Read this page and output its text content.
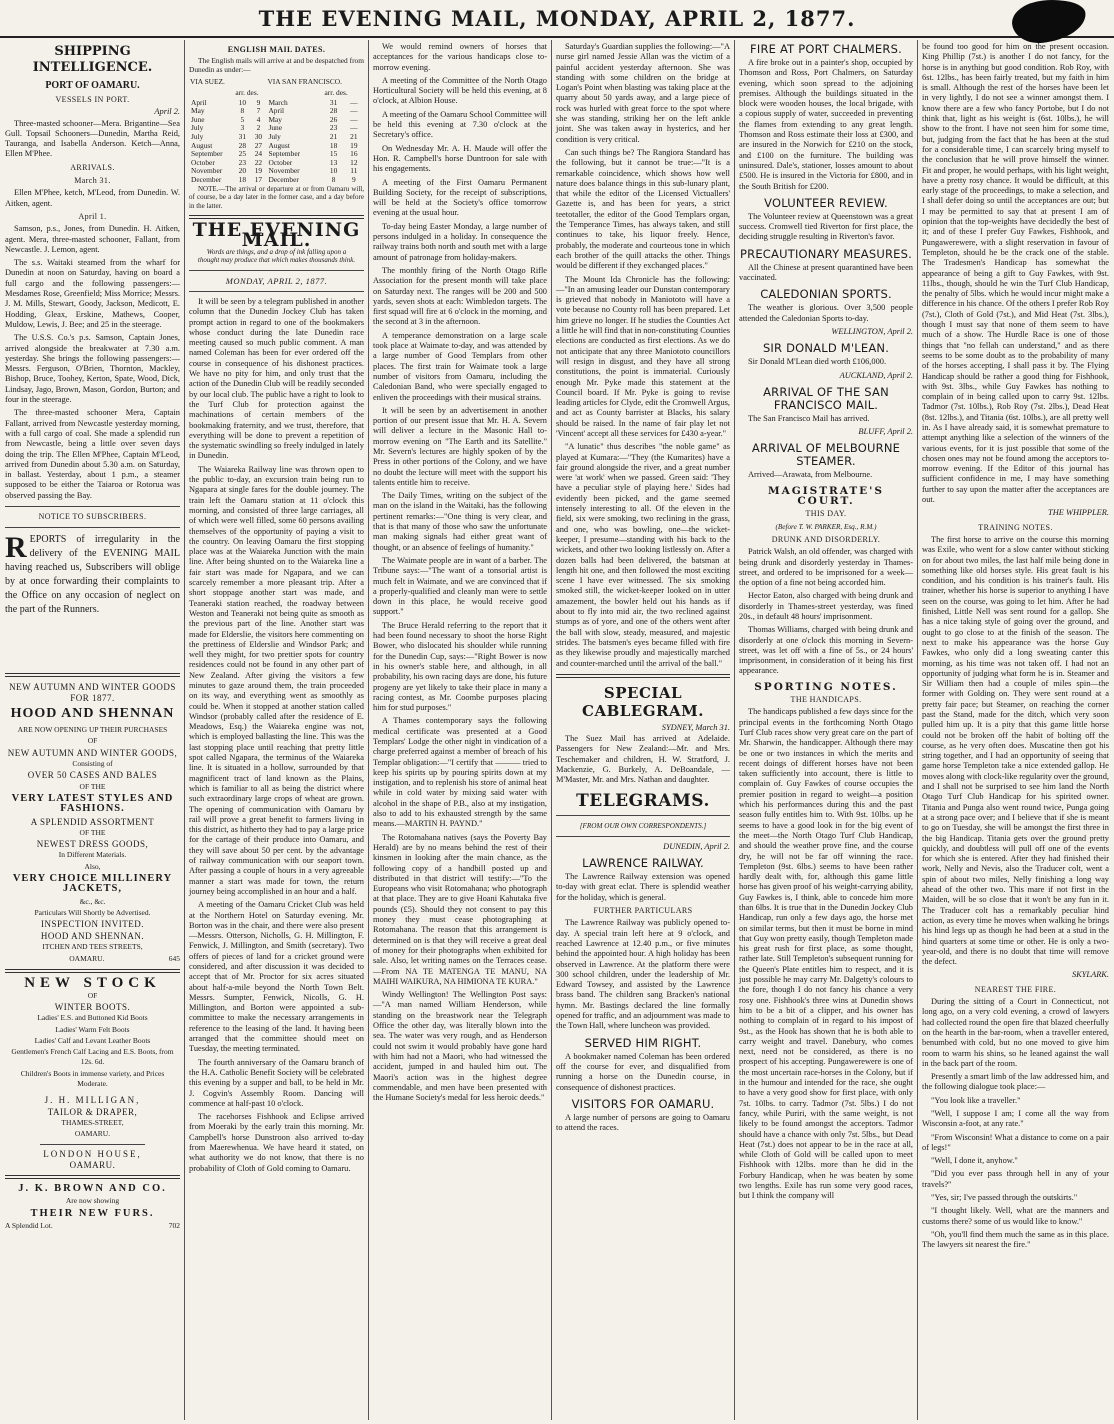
THE EVENING MAIL, MONDAY, APRIL 2, 1877.
SHIPPING INTELLIGENCE.
PORT OF OAMARU.
VESSELS IN PORT.
April 2.

Three-masted schooner—Mera. Brigantine—Sea Gull. Topsail Schooners—Dunedin, Martha Reid, Tauranga, and Isabella Anderson. Ketch—Anna, Ellen M'Phee.

ARRIVALS.
March 31.

Ellen M'Phee, ketch, M'Leod, from Dunedin. W. Aitken, agent.

April 1.

Samson, p.s., Jones, from Dunedin. H. Aitken, agent. Mera, three-masted schooner, Fallant, from Newcastle. J. Lemon, agent.

The s.s. Waitaki steamed from the wharf for Dunedin at noon on Saturday, having on board a full cargo and the following passengers:—Mesdames Rose, Greenfield; Miss Morrice; Messrs. J. M. Mills, Stewart, Goody, Jackson, Medicott, E. Hodding, Gleax, Erskine, Mathews, Cooper, Muldow, Lewis, J. Bee; and 25 in the steerage.

The U.S.S. Co.'s p.s. Samson, Captain Jones, arrived alongside the breakwater at 7.30 a.m. yesterday. She brings the following passengers:—Messrs. Ferguson, O'Brien, Thornton, Mackley, Bishop, Bruce, Toohey, Kerton, Spate, Wood, Dick, Lindsay, Jago, Brown, Mason, Gordon, Burton; and four in the steerage.

The three-masted schooner Mera, Captain Fallant, arrived from Newcastle yesterday morning, with a full cargo of coal. She made a splendid run from Newcastle, being a little over seven days doing the trip. The Ellen M'Phee, Captain M'Leod, arrived from Dunedin about 5.30 a.m. on Saturday, in ballast. Yesterday, about 1 p.m., a steamer supposed to be either the Taiaroa or Rotorua was observed passing the Bay.

NOTICE TO SUBSCRIBERS.

REPORTS of irregularity in the delivery of the EVENING MAIL having reached us, Subscribers will oblige by at once forwarding their complaints to the Office on any occasion of neglect on the part of the Runners.

NEW AUTUMN AND WINTER GOODS FOR 1877.
HOOD AND SHENNAN
ARE NOW OPENING UP THEIR PURCHASES
OF
NEW AUTUMN AND WINTER GOODS,
Consisting of
OVER 50 CASES AND BALES
OF THE
VERY LATEST STYLES AND FASHIONS.
A SPLENDID ASSORTMENT
OF THE
NEWEST DRESS GOODS,
In Different Materials.
Also,
VERY CHOICE MILLINERY JACKETS,
&c., &c.
Particulars Will Shortly be Advertised.
INSPECTION INVITED.
HOOD AND SHENNAN.
ITCHEN AND TEES STREETS,
OAMARU.	645
NEW STOCK
OF
WINTER BOOTS.
Ladies' E.S. and Buttoned Kid Boots
Ladies' Warm Felt Boots
Ladies' Calf and Levant Leather Boots
Gentlemen's French Calf Lacing and E.S. Boots, from 12s. 6d.
Children's Boots in immense variety, and Prices Moderate.
J. H. MILLIGAN,
TAILOR & DRAPER,
THAMES-STREET,
OAMARU.
LONDON HOUSE,
OAMARU.
J. K. BROWN AND CO.
Are now showing
THEIR NEW FURS.
A Splendid Lot.	702
ENGLISH MAIL DATES.

The English mails will arrive at and be despatched from Dunedin as under:—

VIA SUEZ.			VIA SAN FRANCISCO.		
	arr. des.			arr. des.	
April	10	9	March	31	—
May	8	7	April	28	—
June	5	4	May	26	—
July	3	2	June	23	—
July	31	30	July	21	21
August	28	27	August	18	19
September	25	24	September	15	16
October	23	22	October	13	12
November	20	19	November	10	11
December	18	17	December	8	9

NOTE.—The arrival or departure at or from Oamaru will, of course, be a day later in the former case, and a day before in the latter.

THE EVENING MAIL.
Words are things, and a drop of ink falling upon a thought may produce that which makes thousands think.
MONDAY, APRIL 2, 1877.

It will be seen by a telegram published in another column that the Dunedin Jockey Club has taken prompt action in regard to one of the bookmakers whose conduct during the late Dunedin race meeting caused so much public comment. A man named Coleman has been for ever ordered off the course in consequence of his dishonest practices. We have no pity for him, and only trust that the action of the Dunedin Club will be readily seconded by our local club. The public have a right to look to the Turf Club for protection against the machinations of certain members of the bookmaking fraternity, and we trust, therefore, that everything will be done to prevent a repetition of the systematic swindling so freely indulged in lately in Dunedin.

The Waiareka Railway line was thrown open to the public to-day, an excursion train being run to Ngapara at single fares for the double journey. The train left the Oamaru station at 11 o'clock this morning, and consisted of three large carriages, all of which were well filled, some 60 persons availing themselves of the opportunity of paying a visit to the country. On leaving Oamaru the first stopping place was at the Waiareka Junction with the main line. After being shunted on to the Waiareka line a fair start was made for Ngapara, and we can scarcely remember a more pleasant trip. After a short stoppage another start was made, and Teaneraki station reached, the roadway between Weston and Teaneraki not being quite as smooth as the previous part of the line. Another start was made for Elderslie, the visitors here commenting on the prettiness of Elderslie and Windsor Park; and well they might, for two prettier spots for country residences could not be found in any other part of New Zealand. After giving the visitors a few minutes to gaze around them, the train proceeded on its way, and everything went as smoothly as could be. When it stopped at another station called Windsor (probably called after the residence of E. Meadows, Esq.) the Waiareka engine was not, which is employed ballasting the line. This was the last stopping place until reaching that pretty little spot called Ngapara, the terminus of the Waiareka line. It is situated in a hollow, surrounded by that magnificent tract of land known as the Plains, which is familiar to all as being the district where such extraordinary large crops of wheat are grown. The opening of communication with Oamaru by rail will prove a great benefit to farmers living in this district, as hitherto they had to pay a large price for the cartage of their produce into Oamaru, and they will save about 50 per cent. by the advantage of railway communication with our seaport town. After passing a couple of hours in a very agreeable manner a start was made for town, the return journey being accomplished in an hour and a half.

A meeting of the Oamaru Cricket Club was held at the Northern Hotel on Saturday evening. Mr. Borton was in the chair, and there were also present—Messrs. Otterson, Nicholls, G. H. Millington, F. Fenwick, J. Millington, and Smith (secretary). Two offers of pieces of land for a cricket ground were considered, and after discussion it was decided to accept that of Mr. Proctor for six acres situated about half-a-mile beyond the North Town Belt. Messrs. Sumpter, Fenwick, Nicolls, G. H. Millington, and Borton were appointed a sub-committee to make the necessary arrangements in reference to the leasing of the land. It having been arranged that the committee should meet on Tuesday, the meeting terminated.

The fourth anniversary of the Oamaru branch of the H.A. Catholic Benefit Society will be celebrated this evening by a supper and ball, to be held in Mr. J. Cogvin's Assembly Room. Dancing will commence at half-past 10 o'clock.

The racehorses Fishhook and Eclipse arrived from Moeraki by the early train this morning. Mr. Campbell's horse Dunstroon also arrived to-day from Maerewhenua. We have heard it stated, on what authority we do not know, that there is no probability of Cloth of Gold coming to Oamaru.

We would remind owners of horses that acceptances for the various handicaps close to-morrow evening.

A meeting of the Committee of the North Otago Horticultural Society will be held this evening, at 8 o'clock, at Albion House.

A meeting of the Oamaru School Committee will be held this evening at 7.30 o'clock at the Secretary's office.

On Wednesday Mr. A. H. Maude will offer the Hon. R. Campbell's horse Duntroon for sale with his engagements.

A meeting of the First Oamaru Permanent Building Society, for the receipt of subscriptions, will be held at the Society's office tomorrow evening at the usual hour.

To-day being Easter Monday, a large number of persons indulged in a holiday. In consequence the railway trains both north and south met with a large amount of patronage from holiday-makers.

The monthly firing of the North Otago Rifle Association for the present month will take place on Saturday next. The ranges will be 200 and 500 yards, seven shots at each: Wimbledon targets. The first squad will fire at 6 o'clock in the morning, and the second at 3 in the afternoon.

A temperance demonstration on a large scale took place at Waimate to-day, and was attended by a large number of Good Templars from other places. The first train for Waimate took a large number of visitors from Oamaru, including the Caledonian Band, who were specially engaged to enliven the proceedings with their musical strains.

It will be seen by an advertisement in another portion of our present issue that Mr. H. A. Severn will deliver a lecture in the Masonic Hall to-morrow evening on "The Earth and its Satellite." Mr. Severn's lectures are highly spoken of by the Press in other portions of the Colony, and we have no doubt the lecture will meet with the support his talents entitle him to receive.

The Daily Times, writing on the subject of the man on the island in the Waitaki, has the following pertinent remarks:—"One thing is very clear, and that is that many of those who saw the unfortunate man making signals had either great want of thought, or an absence of feelings of humanity."

The Waimate people are in want of a barber. The Tribune says:—"The want of a tonsorial artist is much felt in Waimate, and we are convinced that if a properly-qualified and cleanly man were to settle down in this place, he would receive good support."

The Bruce Herald referring to the report that it had been found necessary to shoot the horse Right Bower, who dislocated his shoulder while running for the Dunedin Cup, says:—"Right Bower is now in his owner's stable here, and although, in all probability, his own racing days are done, his future progeny are yet likely to take their place in many a racing contest, as Mr. Coombe purposes placing him for stud purposes."

A Thames contemporary says the following medical certificate was presented at a Good Templars' Lodge the other night in vindication of a charge preferred against a member of breach of his Templar obligation:—"I certify that ——— tried to keep his spirits up by pouring spirits down at my instigation, and to replenish his store of animal heat while in cold water by mixing said water with alcohol in the shape of P.B., also at my instigation, also to add to his exhausted strength by the same means.—MARTIN H. PAYND."

The Rotomahana natives (says the Poverty Bay Herald) are by no means behind the rest of their kinsmen in looking after the main chance, as the following copy of a handbill posted up and distributed in that district will testify:—"To the Europeans who visit Rotomahana; who photograph at that place. They are to give Hoani Kahutaka five pounds (£5). Should they not consent to pay this money they must cease photographing at Rotomahana. The reason that this arrangement is determined on is that they will receive a great deal of money for their photographs when exhibited for sale. Also, let writing names on the Terraces cease.—From NA TE MATENGA TE MANU, NA MAIHI WAIKURA, NA HIMIONA TE KURA."

Windy Wellington! The Wellington Post says:—"A man named William Henderson, while standing on the breastwork near the Telegraph Office the other day, was literally blown into the sea. The water was very rough, and as Henderson could not swim it would probably have gone hard with him had not a Maori, who had witnessed the accident, jumped in and hauled him out. The Maori's action was in the highest degree commendable, and men have been presented with the Humane Society's medal for less heroic deeds."

Saturday's Guardian supplies the following:—"A nurse girl named Jessie Allan was the victim of a painful accident yesterday afternoon. She was standing with some children on the bridge at Logan's Point when blasting was taking place at the quarry about 50 yards away, and a large piece of rock was hurled with great force to the spot where she was standing, striking her on the left ankle joint. She was taken away in hysterics, and her condition is very critical.

Can such things be? The Rangiora Standard has the following, but it cannot be true:—"It is a remarkable coincidence, which shows how well nature does balance things in this sub-lunary plant, that while the editor of the Licensed Victuallers' Gazette is, and has been for years, a strict teetotaller, the editor of the Good Templars organ, the Temperance Times, has always taken, and still continues to take, his liquor freely. Hence, probably, the moderate and courteous tone in which each brother of the quill attacks the other. Things would be different if they exchanged places."

The Mount Ida Chronicle has the following:—"In an amusing leader our Dunstan contemporary is grieved that nobody in Maniototo will have a vote because no County roll has been prepared. Let him grieve no longer. If he studies the Counties Act a little he will find that in non-constituting Counties elections are conducted as first elections. As we do not anticipate that any three Maniototo councillors will resign in disgust, and they have all strong constitutions, the point is immaterial. Curiously enough Mr. Pyke made this statement at the Council board. If Mr. Pyke is going to revise leading articles for Clyde, edit the Cromwell Argus, and act as County barrister at Blacks, his salary should be raised. In the name of fair play let not 'Vincent' accept all these services for £430 a-year."

"A lunatic" thus describes "the noble game" as played at Kumara:—"They (the Kumarites) have a fair ground alongside the river, and a great number were 'at work' when we passed. Green said: 'They have a peculiar style of playing here.' Sides had evidently been picked, and the game seemed intensely interesting to all. Of the eleven in the field, six were smoking, two reclining in the grass, and one, who was bowling, one—the wicket-keeper, I presume—standing with his back to the wickets, and other two looking listlessly on. After a dozen balls had been delivered, the batsman at length hit one, and then followed the most exciting scene I have ever witnessed. The six smoking smoked still, the wicket-keeper looked on in utter amazement, the bowler held out his hands as if about to fly into mid air, the two reclined against stumps as of yore, and one of the others went after the ball with slow, steady, measured, and majestic strides. The batsmen's eyes became filled with fire as they likewise proudly and majestically marched and counter-marched until the arrival of the ball."

SPECIAL CABLEGRAM.
SYDNEY, March 31.

The Suez Mail has arrived at Adelaide. Passengers for New Zealand:—Mr. and Mrs. Teschemaker and children, H. W. Stratford, J. Mackenzie, G. Burkely, A. DeBoandale, — M'Master, Mr. and Mrs. Nathan and daughter.

TELEGRAMS.
[FROM OUR OWN CORRESPONDENTS.]
DUNEDIN, April 2.
LAWRENCE RAILWAY.

The Lawrence Railway extension was opened to-day with great eclat. There is splendid weather for the holiday, which is general.

FURTHER PARTICULARS

The Lawrence Railway was publicly opened to-day. A special train left here at 9 o'clock, and reached Lawrence at 12.40 p.m., or five minutes behind the appointed hour. A high holiday has been observed in Lawrence. At the platform there were 300 school children, under the leadership of Mr. Edward Towsey, and assisted by the Lawrence brass band. The children sang Bracken's national hymn. Mr. Bastings declared the line formally opened for traffic, and an adjournment was made to the Town Hall, where luncheon was provided.

SERVED HIM RIGHT.

A bookmaker named Coleman has been ordered off the course for ever, and disqualified from running a horse on the Dunedin course, in consequence of dishonest practices.

VISITORS FOR OAMARU.

A large number of persons are going to Oamaru to attend the races.

FIRE AT PORT CHALMERS.

A fire broke out in a painter's shop, occupied by Thomson and Ross, Port Chalmers, on Saturday evening, which soon spread to the adjoining premises. Although the buildings situated in the block were wooden houses, the local brigade, with a copious supply of water, succeeded in preventing the flames from extending to any great length. Thomson and Ross estimate their loss at £300, and are insured in the Norwich for £210 on the stock, and £100 on the furniture. The building was uninsured. Dale's, stationer, losses amount to about £500. He is insured in the Victoria for £800, and in the South British for £200.

VOLUNTEER REVIEW.

The Volunteer review at Queenstown was a great success. Cromwell tied Riverton for first place, the deciding struggle resulting in Riverton's favor.

PRECAUTIONARY MEASURES.

All the Chinese at present quarantined have been vaccinated.

CALEDONIAN SPORTS.

The weather is glorious. Over 3,500 people attended the Caledonian Sports to-day.

WELLINGTON, April 2.
SIR DONALD M'LEAN.

Sir Donald M'Lean died worth £106,000.

AUCKLAND, April 2.
ARRIVAL OF THE SAN FRANCISCO MAIL.

The San Francisco Mail has arrived.

BLUFF, April 2.
ARRIVAL OF MELBOURNE STEAMER.

Arrived—Arawata, from Melbourne.

MAGISTRATE'S COURT.
THIS DAY.
(Before T. W. PARKER, Esq., R.M.)
DRUNK AND DISORDERLY.

Patrick Walsh, an old offender, was charged with being drunk and disorderly yesterday in Thames-street, and ordered to be imprisoned for a week—the option of a fine not being accorded him.

Hector Eaton, also charged with being drunk and disorderly in Thames-street yesterday, was fined 20s., in default 48 hours' imprisonment.

Thomas Williams, charged with being drunk and disorderly at one o'clock this morning in Severn-street, was let off with a fine of 5s., or 24 hours' imprisonment, in consideration of it being his first appearance.

SPORTING NOTES.
THE HANDICAPS.

The handicaps published a few days since for the principal events in the forthcoming North Otago Turf Club races show very great care on the part of Mr. Sharwin, the handicapper. Although there may be one or two instances in which the merits and recent doings of different horses have not been taken sufficiently into account, there is little to complain of. Guy Fawkes of course occupies the premier position in regard to weight—a position which his performances during this and the past season fully entitles him to. With 9st. 10lbs. up he seems to have a good look in for the big event of the meet—the North Otago Turf Club Handicap, and should the weather prove fine, and the course dry, he will not be far off winning the race. Templeton (9st. 6lbs.) seems to have been rather hardly dealt with, for, although this game little horse has given proof of his weight-carrying ability, Guy Fawkes is, I think, able to concede him more than 6lbs. It is true that in the Dunedin Jockey Club Handicap, run only a few days ago, the horse met on similar terms, but then it must be borne in mind that Guy won pretty easily, though Templeton made his great rush for first place, as some thought, rather late. Still Templeton's subsequent running for the Queen's Plate entitles him to respect, and it is just possible he may carry Mr. Dalgetty's colours to the fore, though I do not fancy his chance a very rosy one. Fishhook's three wins at Dunedin shows him to be a bit of a clipper, and his owner has nothing to complain of in regard to his impost of 9st., as the Hook has shown that he is both able to carry weight and travel. Danebury, who comes next, need not be considered, as there is no prospect of his accepting. Pungawerewere is one of the most uncertain race-horses in the Colony, but if in the humour and intended for the race, she ought to have a very good show for first place, with only 7st. 10lbs. to carry. Tadmor (7st. 5lbs.) I do not fancy, while Puriri, with the same weight, is not likely to be found amongst the acceptors. Tadmor should have a chance with only 7st. 5lbs., but Dead Heat (7st.) does not appear to be in the race at all, while Cloth of Gold will be called upon to meet Fishhook with 12lbs. more than he did in the Forbury Handicap, when he was beaten by some two lengths. Exile has run some very good races, but I think the company will

be found too good for him on the present occasion. King Phillip (7st.) is another I do not fancy, for the horse is in anything but good condition. Rob Roy, with 6st. 12lbs., has been fairly treated, but my faith in him is small. Although the rest of the horses have been let in very lightly, I do not see a winner amongst them. I know there are a few who fancy Portobe, but I do not think that, light as his weight is (6st. 10lbs.), he will show to the front. I have not seen him for some time, but, judging from the fact that he has been at the stud for a considerable time, I can scarcely bring myself to the conclusion that he will prove himself the winner. Fit and proper, he would perhaps, with his light weight, have a pretty rosy chance. It would be difficult, at this early stage of the proceedings, to make a selection, and I shall defer doing so until the acceptances are out; but I may be permitted to say that at present I am of opinion that the top-weights have decidedly the best of it; and of these I prefer Guy Fawkes, Fishhook, and Pungawerewere, with a slight reservation in favour of Templeton, should he be the crack one of the stable. The Tradesmen's Handicap has somewhat the appearance of being a gift to Guy Fawkes, with 9st. 11lbs., though, should he win the Turf Club Handicap, the penalty of 5lbs. which he would incur might make a difference in his chance. Of the others I prefer Rob Roy (7st.), Cloth of Gold (7st.), and Mid Heat (7st. 3lbs.), though I must say that none of them seem to have much of a show. The Hurdle Race is one of those things that "no fellah can understand," and as there seems to be some doubt as to the probability of many of the horses accepting, I shall pass it by. The Flying Handicap should be rather a good thing for Fishhook, with 9st. 3lbs., while Guy Fawkes has nothing to complain of in being called upon to carry 9st. 12lbs. Tadmor (7st. 10lbs.), Rob Roy (7st. 2lbs.), Dead Heat (8st. 12lbs.), and Titania (6st. 10lbs.), are all pretty well in. As I have already said, it is somewhat premature to attempt anything like a selection of the winners of the various events, for it is just possible that some of the chosen ones may not be found among the acceptors to-morrow evening. If the Editor of this journal has sufficient confidence in me, I may have something further to say upon the matter after the acceptances are out.

THE WHIPPLER.
TRAINING NOTES.

The first horse to arrive on the course this morning was Exile, who went for a slow canter without sticking on for about two miles, the last half mile being done in something like old horses style. His great fault is his condition, and his condition is his trainer's fault. His trainer, whether his horse is superior to anything I have seen on the course, was going to let him. After he had finished, Little Nell was sent round for a gallop. She has a nice taking style of going over the ground, and ought to go close to at the finish of the season. The next to make his appearance was the horse Guy Fawkes, who only did a long sweating canter this morning, as his time was not taken off. I had not an opportunity of judging what form he is in. Steamer and Sir William then had a couple of miles spin—the former with Golding on. They were sent round at a pretty fair pace; but Steamer, on reaching the corner past the Stand, made for the ditch, which very soon pulled him up. It is a pity that this game little horse could not be broken off the habit of bolting off the course, as he very often does. Muscatine then got his string together, and I had an opportunity of seeing that game horse Templeton take a nice extended gallop. He moves along with clock-like regularity over the ground, and I shall not be surprised to see him land the North Otago Turf Club Handicap for his spirited owner. Titania and Punga also went round twice, Punga going at a strong pace over; and I believe that if she is meant to go on Tuesday, she will be amongst the first three in the big Handicap. Titania gets over the ground pretty quickly, and doubtless will pull off one of the events for which she is entered. After they had finished their work, Nelly and Nevis, also the Traducer colt, went a spin of about two miles, Nelly finishing a long way ahead of the other two. This mare if not first in the Maiden, will be so close that it won't be any fun in it. The Traducer colt has a remarkably peculiar hind action, as every time he moves when walking he brings his hind legs up as though he had been at a stud in the hind quarters at some time or other. He is only a two-year-old, and there is no doubt that time will remove the defect.

SKYLARK.
NEAREST THE FIRE.

During the sitting of a Court in Connecticut, not long ago, on a very cold evening, a crowd of lawyers had collected round the open fire that blazed cheerfully on the hearth in the bar-room, when a traveller entered, benumbed with cold, but no one moved to give him room to warm his shins, so he leaned against the wall in the back part of the room.

Presently a smart limb of the law addressed him, and the following dialogue took place:—

"You look like a traveller."

"Well, I suppose I am; I come all the way from Wisconsin a-foot, at any rate."

"From Wisconsin! What a distance to come on a pair of legs!"

"Well, I done it, anyhow."

"Did you ever pass through hell in any of your travels?"

"Yes, sir; I've passed through the outskirts."

"I thought likely. Well, what are the manners and customs there? some of us would like to know."

"Oh, you'll find them much the same as in this place. The lawyers sit nearest the fire."
